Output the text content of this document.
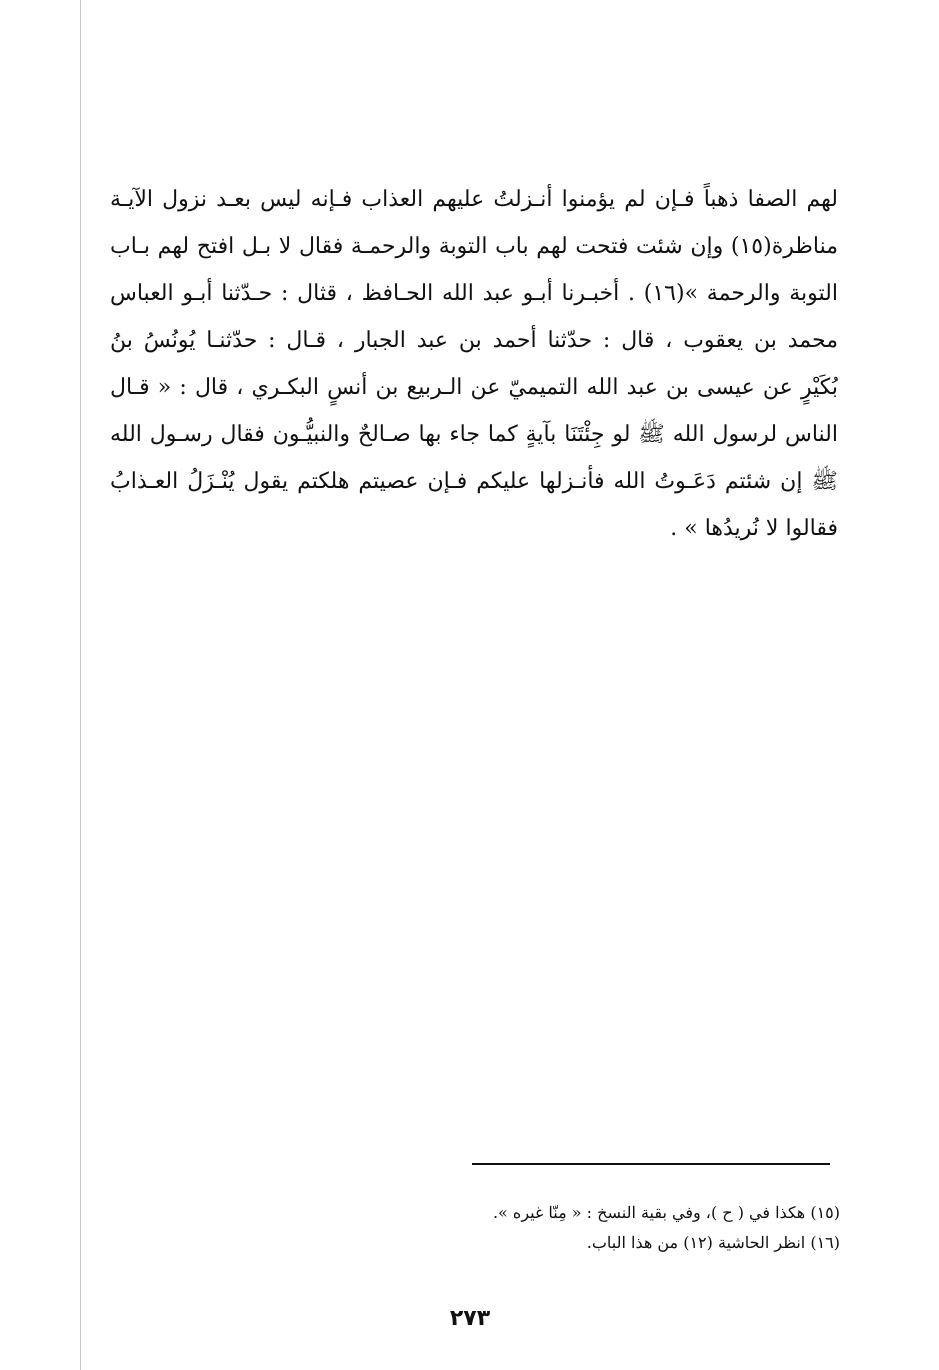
لهم الصفا ذهباً فـإن لم يؤمنوا أنـزلتُ عليهم العذاب فـإنه ليس بعـد نزول الآيـة
مناظرة(١٥) وإن شئت فتحت لهم باب التوبة والرحمـة فقال لا بـل افتح لهم بـاب
التوبة والرحمة »(١٦) . أخبـرنا أبـو عبد الله الحـافظ ، قثال : حـدّثنا أبـو العباس
محمد بن يعقوب ، قال : حدّثنا أحمد بن عبد الجبار ، قـال : حدّثنـا يُونُسُ بنُ
بُكَيْرٍ عن عيسى بن عبد الله التميميّ عن الـربيع بن أنسٍ البكـري ، قال : « قـال
الناس لرسول الله ﷺ لو جِئْتَنَا بآيةٍ كما جاء بها صـالحٌ والنبيُّـون فقال رسـول الله
ﷺ إن شئتم دَعَـوتُ الله فأنـزلها عليكم فـإن عصيتم هلكتم يقول يُنْـزَلُ العـذابُ
فقالوا لا نُريدُها » .

(١٥) هكذا في ( ح )، وفي بقية النسخ : « مِنّا غيره ».
(١٦) انظر الحاشية (١٢) من هذا الباب.
٢٧٣
